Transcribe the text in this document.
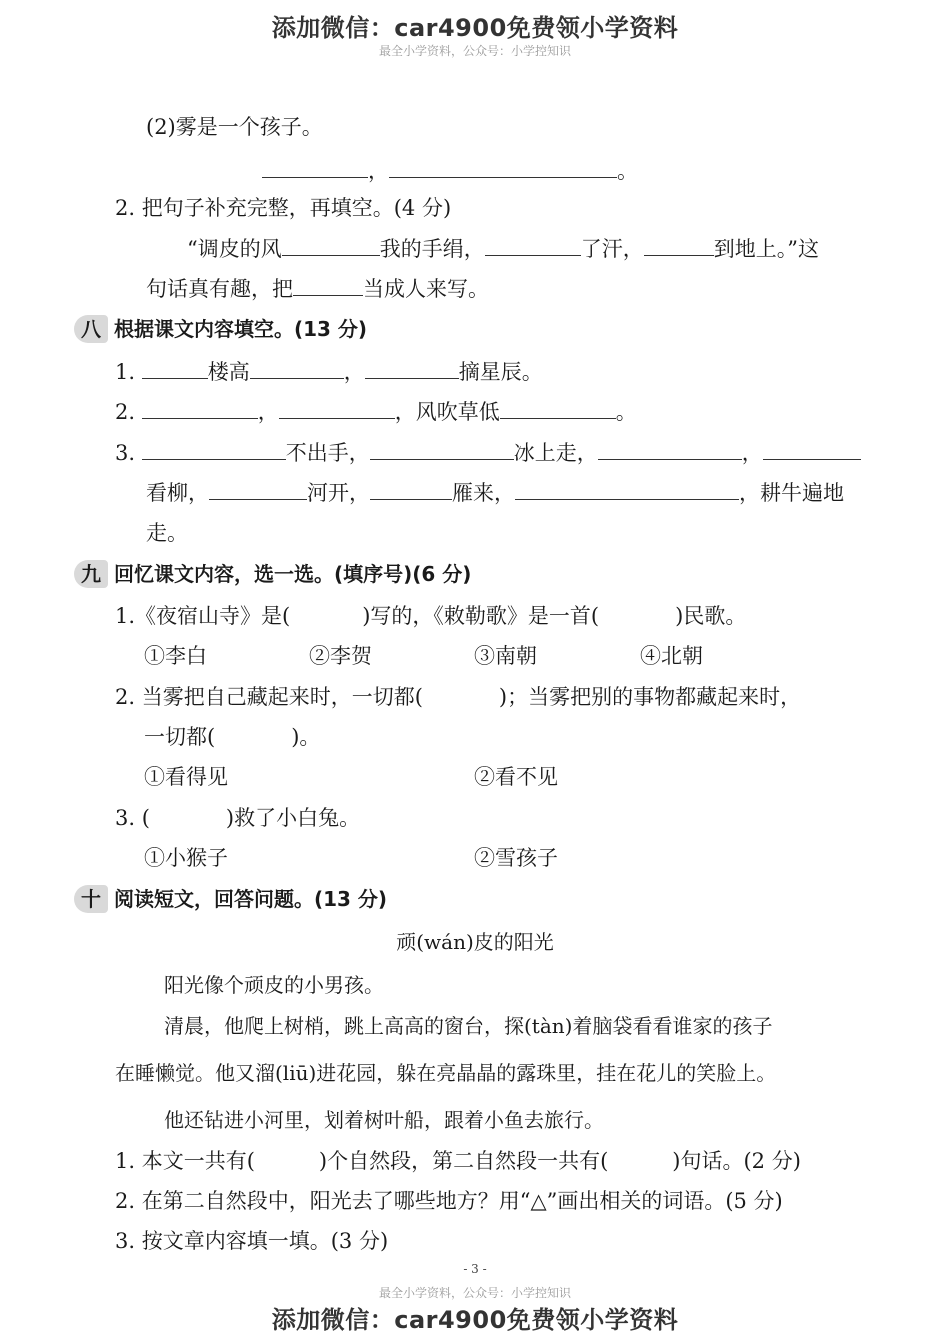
添加微信：car4900免费领小学资料
最全小学资料，公众号：小学控知识
(2)雾是一个孩子。
，	。
2. 把句子补充完整，再填空。(4 分)
“调皮的风	我的手绢，	了汗，	到地上。”这
句话真有趣，把	当成人来写。
八 根据课文内容填空。(13 分)
1.	楼高	，	摘星辰。
2.	，	，风吹草低	。
3.	不出手，	冰上走，	，
看柳，	河开，	雁来，	，耕牛遍地
走。
九 回忆课文内容，选一选。(填序号)(6 分)
1.《夜宿山寺》是(	)写的，《敕勒歌》是一首(	)民歌。
①李白	②李贺	③南朝	④北朝
2. 当雾把自己藏起来时，一切都(	)；当雾把别的事物都藏起来时，
一切都(	)。
①看得见	②看不见
3. (	)救了小白兔。
①小猴子	②雪孩子
十 阅读短文，回答问题。(13 分)
顽(wán)皮的阳光
阳光像个顽皮的小男孩。
清晨，他爬上树梢，跳上高高的窗台，探(tàn)着脑袋看看谁家的孩子
在睡懒觉。他又溜(liū)进花园，躲在亮晶晶的露珠里，挂在花儿的笑脸上。
他还钻进小河里，划着树叶船，跟着小鱼去旅行。
1. 本文一共有(	)个自然段，第二自然段一共有(	)句话。(2 分)
2. 在第二自然段中，阳光去了哪些地方？用“△”画出相关的词语。(5 分)
3. 按文章内容填一填。(3 分)
- 3 -
最全小学资料，公众号：小学控知识
添加微信：car4900免费领小学资料
